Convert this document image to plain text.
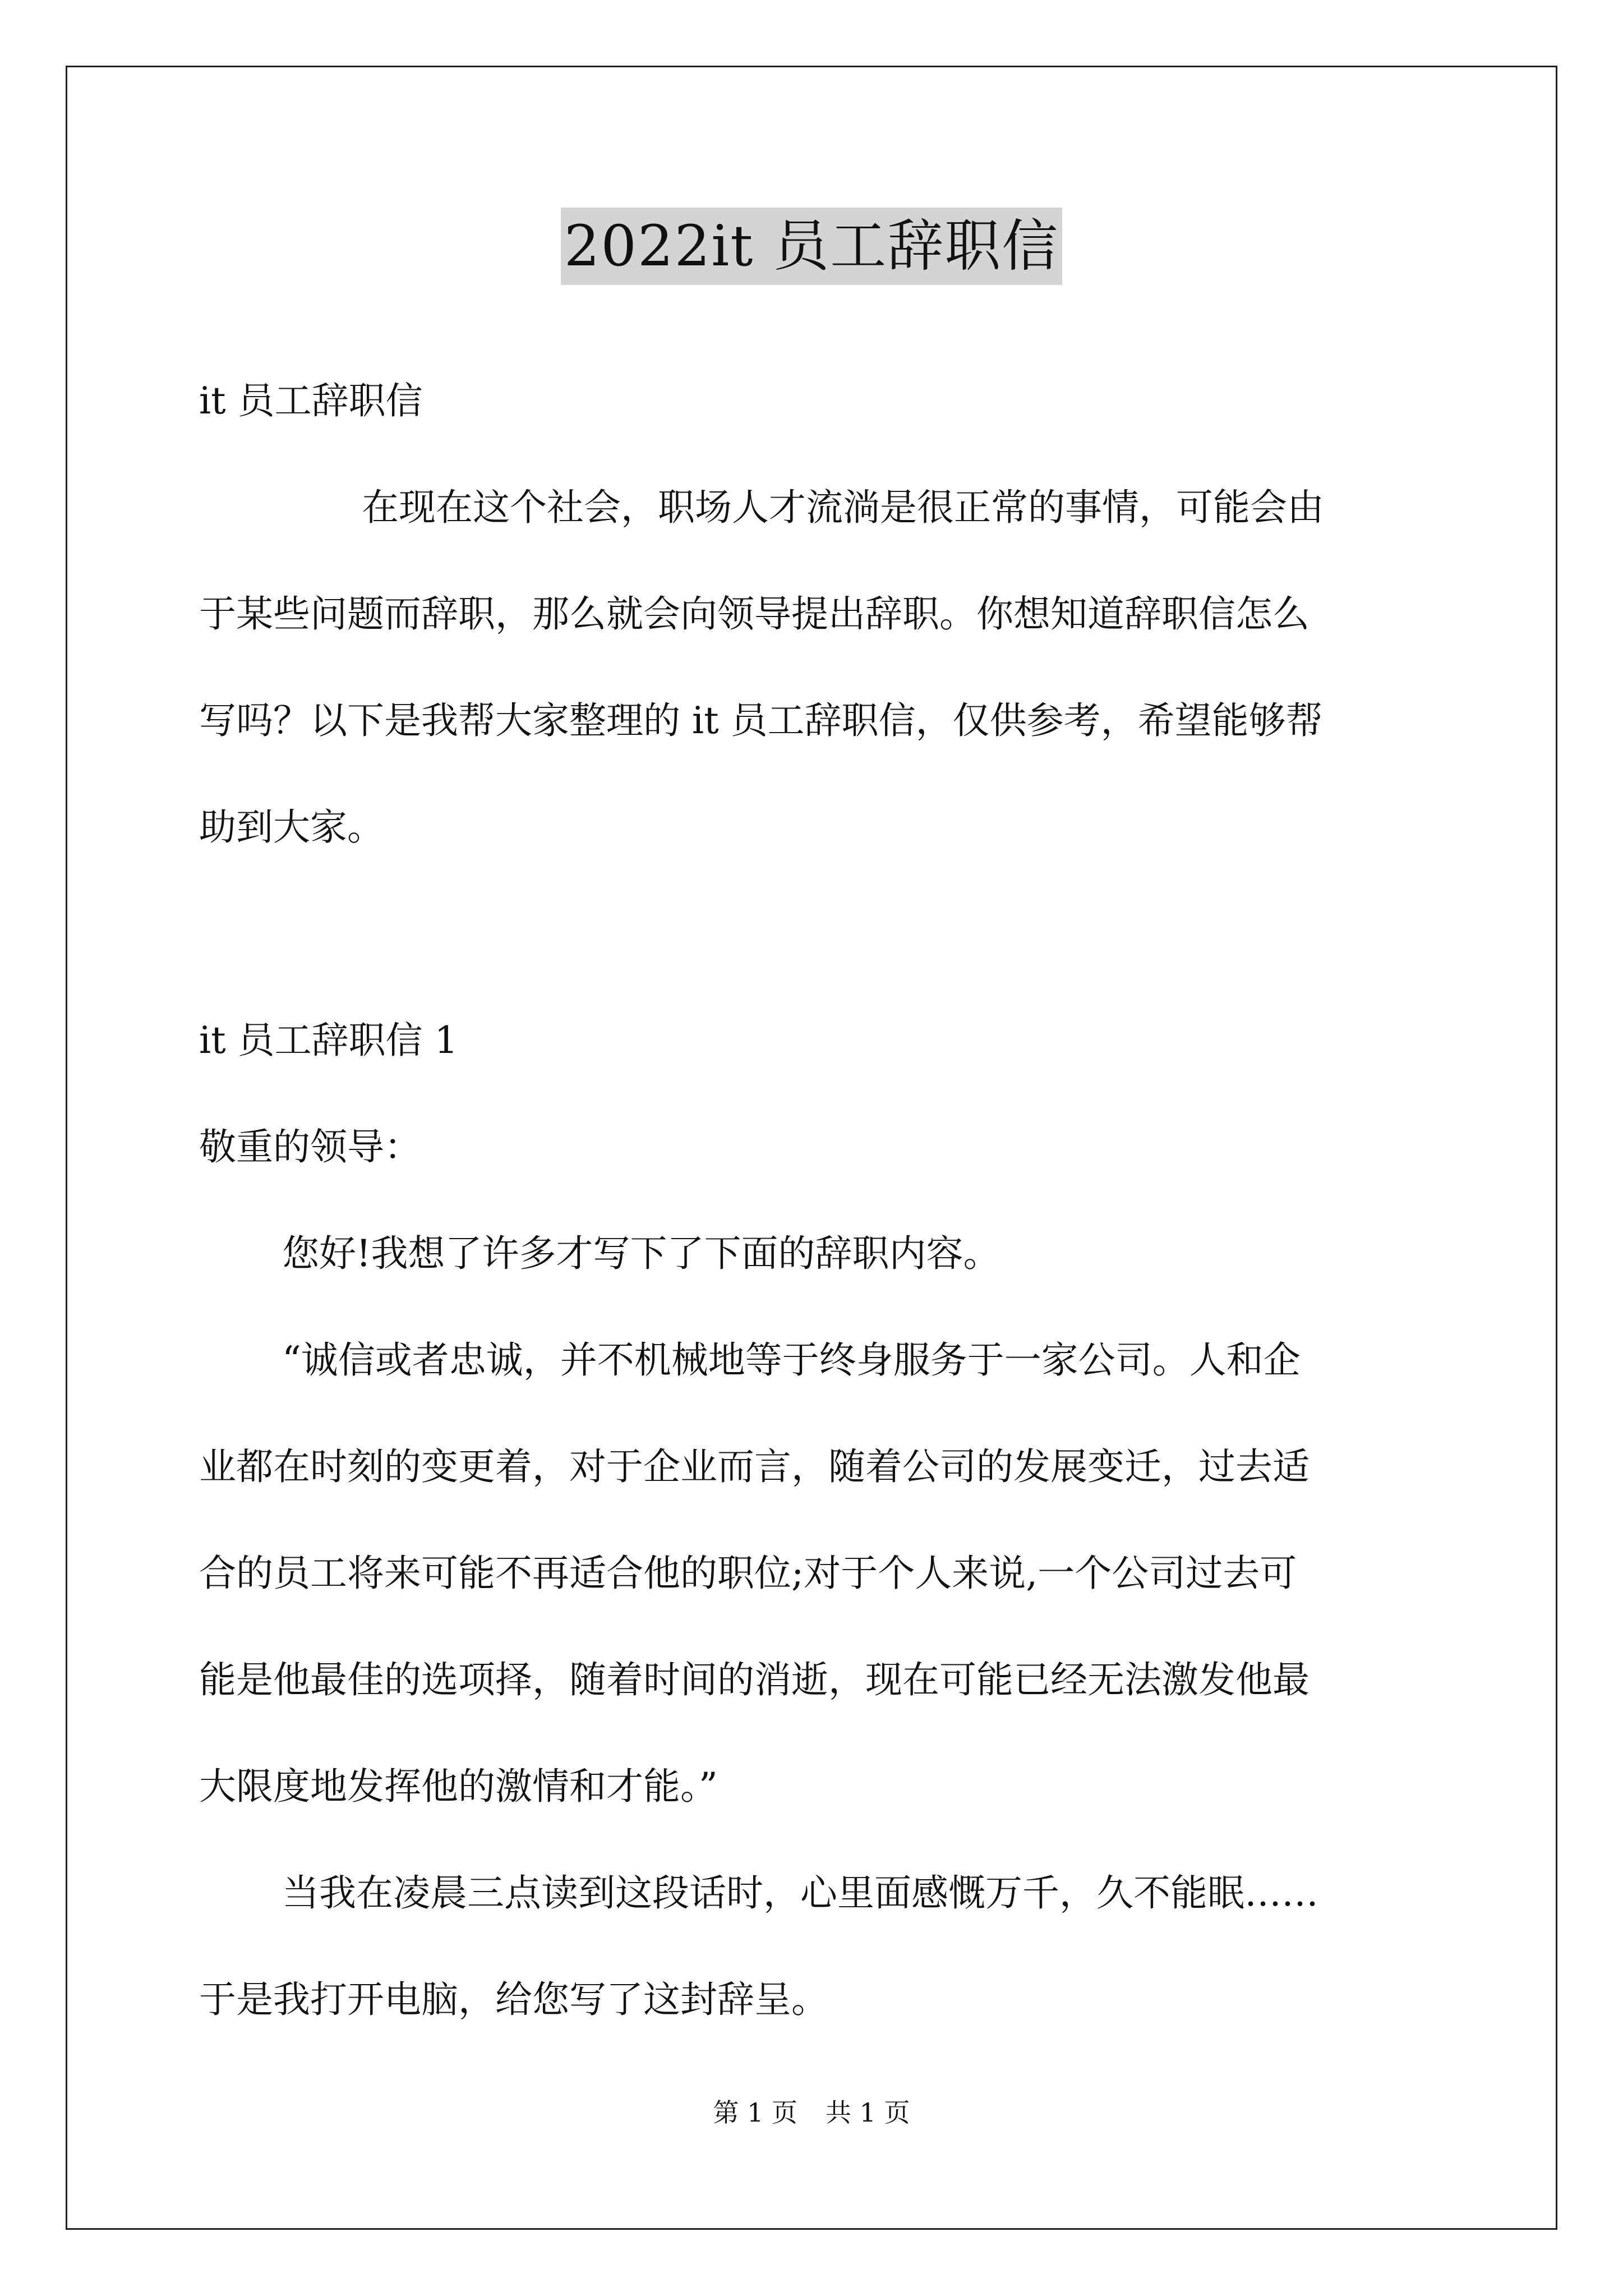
2022it 员工辞职信
it 员工辞职信
在现在这个社会，职场人才流淌是很正常的事情，可能会由
于某些问题而辞职，那么就会向领导提出辞职。你想知道辞职信怎么
写吗？以下是我帮大家整理的 it 员工辞职信，仅供参考，希望能够帮
助到大家。
it 员工辞职信 1
敬重的领导：
您好!我想了许多才写下了下面的辞职内容。
“诚信或者忠诚，并不机械地等于终身服务于一家公司。人和企
业都在时刻的变更着，对于企业而言，随着公司的发展变迁，过去适
合的员工将来可能不再适合他的职位;对于个人来说,一个公司过去可
能是他最佳的选项择，随着时间的消逝，现在可能已经无法激发他最
大限度地发挥他的激情和才能。”
当我在凌晨三点读到这段话时，心里面感慨万千，久不能眠……
于是我打开电脑，给您写了这封辞呈。
第 1 页 共 1 页
